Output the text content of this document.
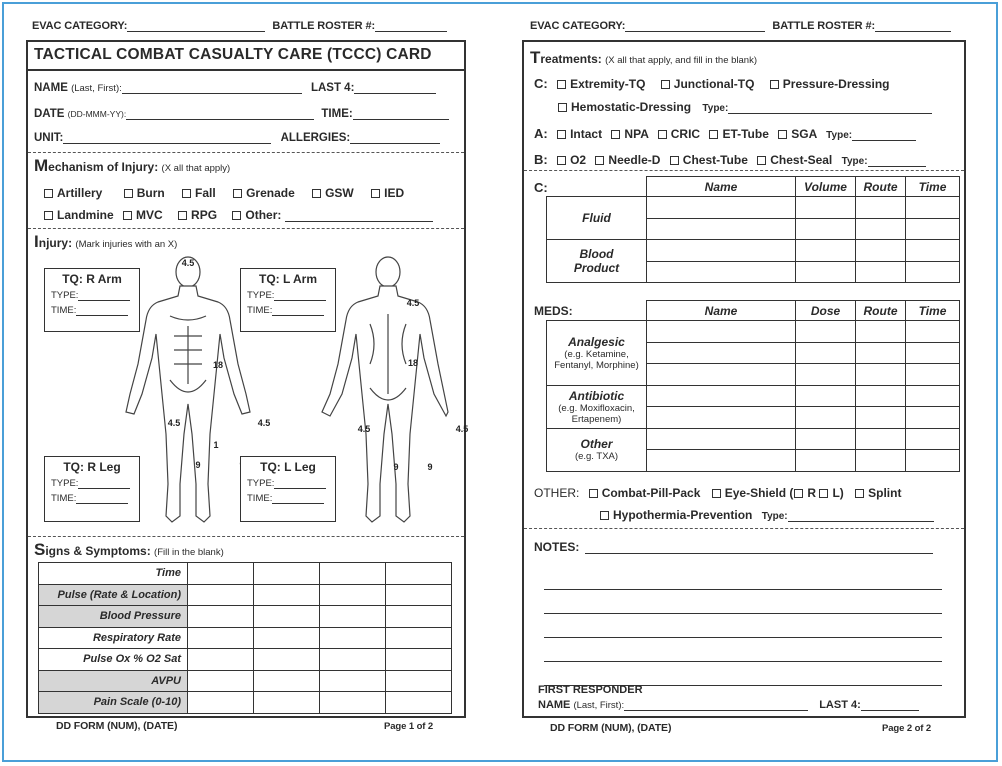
EVAC CATEGORY:	BATTLE ROSTER #:
TACTICAL COMBAT CASUALTY CARE (TCCC) CARD
NAME (Last, First):	LAST 4:
DATE (DD-MMM-YY):	TIME:
UNIT:	ALLERGIES:
Mechanism of Injury: (X all that apply)
Artillery	Burn	Fall	Grenade	GSW	IED
Landmine MVC RPG Other:
Injury: (Mark injuries with an X)
4.5
18
4.5	4.5
1
9
4.5
18
4.5	4.5
9	9
TQ: R Arm
TYPE:
TIME:
TQ: L Arm
TYPE:
TIME:
TQ: R Leg
TYPE:
TIME:
TQ: L Leg
TYPE:
TIME:
Signs & Symptoms: (Fill in the blank)
Time				
Pulse (Rate & Location)				
Blood Pressure				
Respiratory Rate				
Pulse Ox % O2 Sat				
AVPU				
Pain Scale (0-10)				
DD FORM (NUM), (DATE)	Page 1 of 2
EVAC CATEGORY:	BATTLE ROSTER #:
Treatments: (X all that apply, and fill in the blank)
C: Extremity-TQ Junctional-TQ Pressure-Dressing
Hemostatic-Dressing Type:
A: Intact NPA CRIC ET-Tube SGA Type:
B: O2 Needle-D Chest-Tube Chest-Seal Type:
C:
		Name	Volume	Route	Time
Fluid				

Blood Product				

MEDS:
		Name	Dose	Route	Time

Analgesic
(e.g. Ketamine, Fentanyl, Morphine)				

Antibiotic
(e.g. Moxifloxacin, Ertapenem)				

Other
(e.g. TXA)				

OTHER: Combat-Pill-Pack Eye-Shield ( R L) Splint
Hypothermia-Prevention Type:
NOTES:
FIRST RESPONDER
NAME (Last, First):	LAST 4:
DD FORM (NUM), (DATE)	Page 2 of 2
